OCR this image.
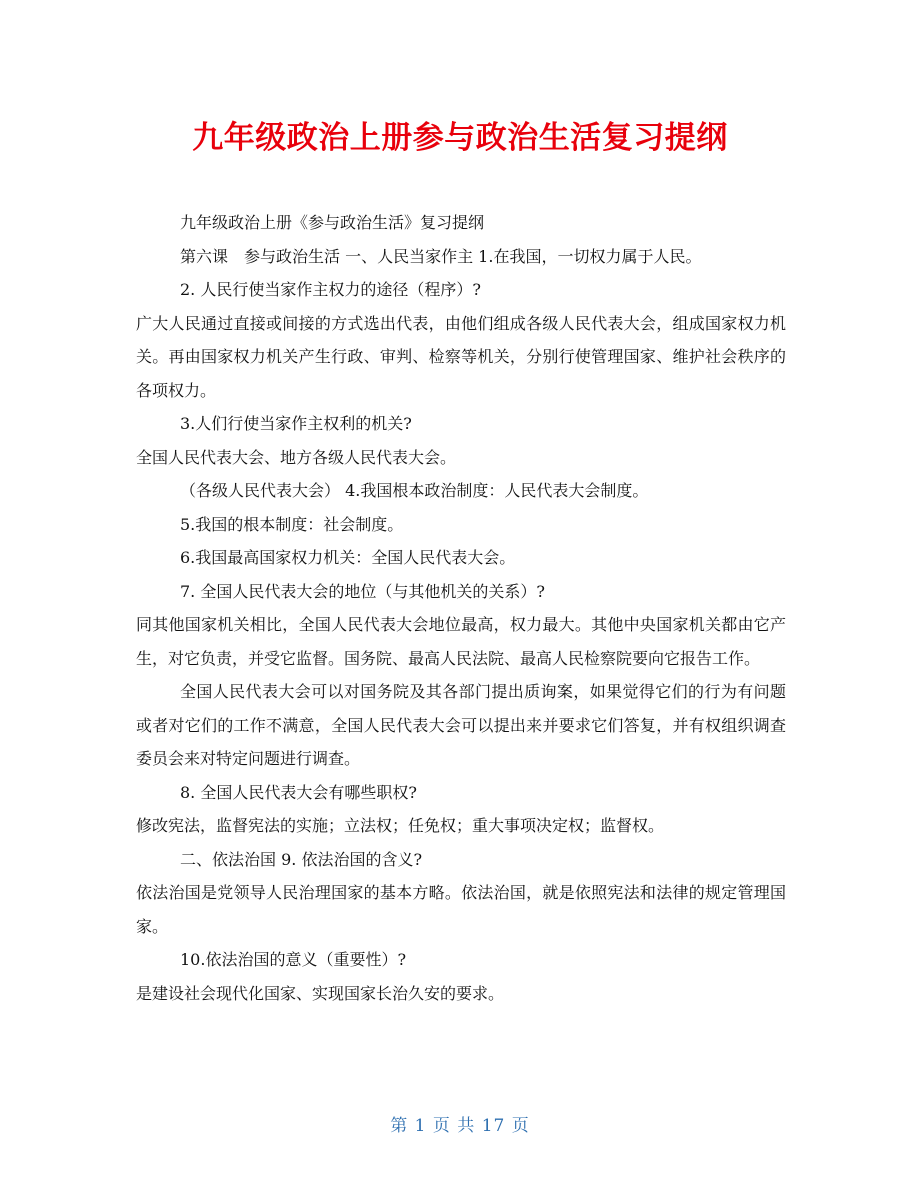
九年级政治上册参与政治生活复习提纲

九年级政治上册《参与政治生活》复习提纲

第六课　参与政治生活 一、人民当家作主 1.在我国，一切权力属于人民。

2. 人民行使当家作主权力的途径（程序）?

广大人民通过直接或间接的方式选出代表，由他们组成各级人民代表大会，组成国家权力机关。再由国家权力机关产生行政、审判、检察等机关，分别行使管理国家、维护社会秩序的各项权力。

3.人们行使当家作主权利的机关?

全国人民代表大会、地方各级人民代表大会。

（各级人民代表大会） 4.我国根本政治制度：人民代表大会制度。

5.我国的根本制度：社会制度。

6.我国最高国家权力机关：全国人民代表大会。

7. 全国人民代表大会的地位（与其他机关的关系）?

同其他国家机关相比，全国人民代表大会地位最高，权力最大。其他中央国家机关都由它产生，对它负责，并受它监督。国务院、最高人民法院、最高人民检察院要向它报告工作。

全国人民代表大会可以对国务院及其各部门提出质询案，如果觉得它们的行为有问题或者对它们的工作不满意，全国人民代表大会可以提出来并要求它们答复，并有权组织调查委员会来对特定问题进行调查。

8. 全国人民代表大会有哪些职权?

修改宪法，监督宪法的实施；立法权；任免权；重大事项决定权；监督权。

二、依法治国 9. 依法治国的含义?

依法治国是党领导人民治理国家的基本方略。依法治国，就是依照宪法和法律的规定管理国家。

10.依法治国的意义（重要性）?

是建设社会现代化国家、实现国家长治久安的要求。

第 1 页 共 17 页
